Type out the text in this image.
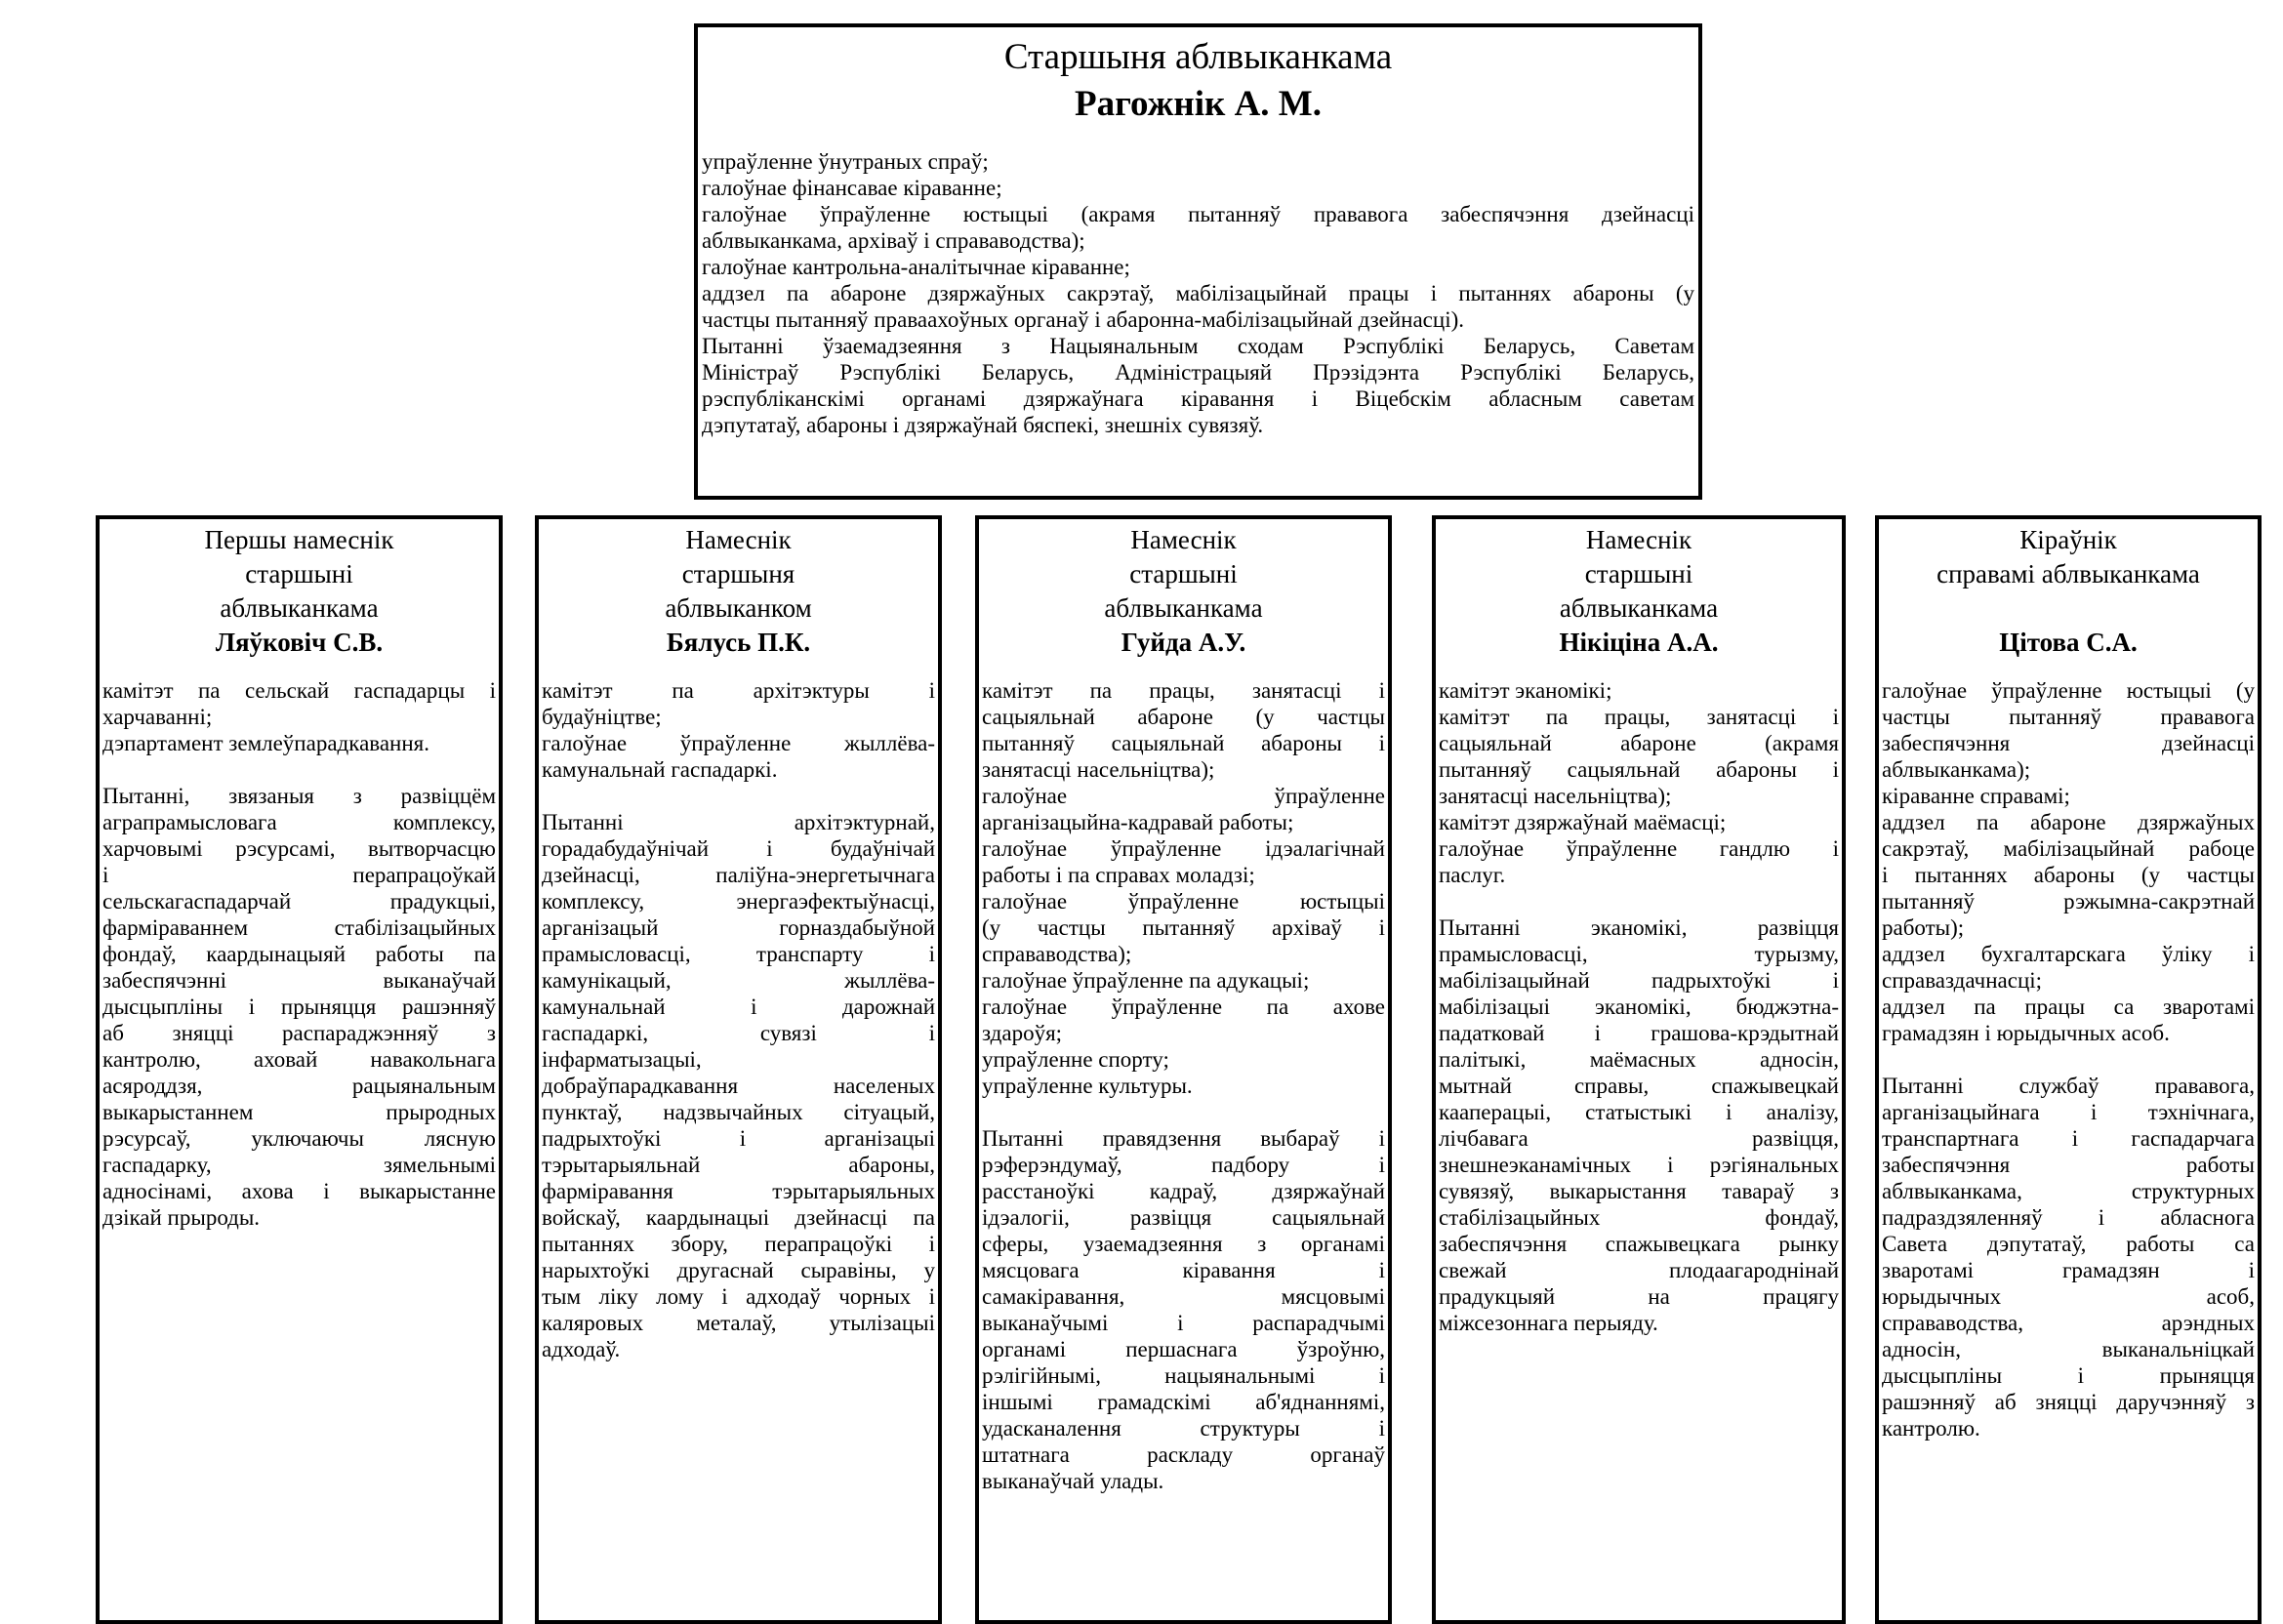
Старшыня аблвыканкама
Рагожнік А. М.
упраўленне ўнутраных спраў;
галоўнае фінансавае кіраванне;
галоўнае ўпраўленне юстыцыі (акрамя пытанняў прававога забеспячэння дзейнасці
аблвыканкама, архіваў і справаводства);
галоўнае кантрольна-аналітычнае кіраванне;
аддзел па абароне дзяржаўных сакрэтаў, мабілізацыйнай працы і пытаннях абароны (у
частцы пытанняў праваахоўных органаў і абаронна-мабілізацыйнай дзейнасці).
Пытанні ўзаемадзеяння з Нацыянальным сходам Рэспублікі Беларусь, Саветам
Міністраў Рэспублікі Беларусь, Адміністрацыяй Прэзідэнта Рэспублікі Беларусь,
рэспубліканскімі органамі дзяржаўнага кіравання і Віцебскім абласным саветам
дэпутатаў, абароны і дзяржаўнай бяспекі, знешніх сувязяў.
Першы намеснік
старшыні
аблвыканкама
Ляўковіч С.В.
камітэт па сельскай гаспадарцы і
харчаванні;
дэпартамент землеўпарадкавання.
Пытанні, звязаныя з развіццём
аграпрамысловага комплексу,
харчовымі рэсурсамі, вытворчасцю
і перапрацоўкай
сельскагаспадарчай прадукцыі,
фарміраваннем стабілізацыйных
фондаў, каардынацыяй работы па
забеспячэнні выканаўчай
дысцыпліны і прыняцця рашэнняў
аб зняцці распараджэнняў з
кантролю, аховай навакольнага
асяроддзя, рацыянальным
выкарыстаннем прыродных
рэсурсаў, уключаючы лясную
гаспадарку, зямельнымі
адносінамі, ахова і выкарыстанне
дзікай прыроды.
Намеснік
старшыня
аблвыканком
Бялусь П.К.
камітэт па архітэктуры і
будаўніцтве;
галоўнае ўпраўленне жыллёва-
камунальнай гаспадаркі.
Пытанні архітэктурнай,
горадабудаўнічай і будаўнічай
дзейнасці, паліўна-энергетычнага
комплексу, энергаэфектыўнасці,
арганізацый горназдабыўной
прамысловасці, транспарту і
камунікацый, жыллёва-
камунальнай і дарожнай
гаспадаркі, сувязі і
інфарматызацыі,
добраўпарадкавання населеных
пунктаў, надзвычайных сітуацый,
падрыхтоўкі і арганізацыі
тэрытарыяльнай абароны,
фарміравання тэрытарыяльных
войскаў, каардынацыі дзейнасці па
пытаннях збору, перапрацоўкі і
нарыхтоўкі другаснай сыравіны, у
тым ліку лому і адходаў чорных і
каляровых металаў, утылізацыі
адходаў.
Намеснік
старшыні
аблвыканкама
Гуйда А.У.
камітэт па працы, занятасці і
сацыяльнай абароне (у частцы
пытанняў сацыяльнай абароны і
занятасці насельніцтва);
галоўнае ўпраўленне
арганізацыйна-кадравай работы;
галоўнае ўпраўленне ідэалагічнай
работы і па справах моладзі;
галоўнае ўпраўленне юстыцыі
(у частцы пытанняў архіваў і
справаводства);
галоўнае ўпраўленне па адукацыі;
галоўнае ўпраўленне па ахове
здароўя;
упраўленне спорту;
упраўленне культуры.
Пытанні правядзення выбараў і
рэферэндумаў, падбору і
расстаноўкі кадраў, дзяржаўнай
ідэалогіі, развіцця сацыяльнай
сферы, узаемадзеяння з органамі
мясцовага кіравання і
самакіравання, мясцовымі
выканаўчымі і распарадчымі
органамі першаснага ўзроўню,
рэлігійнымі, нацыянальнымі і
іншымі грамадскімі аб'яднаннямі,
удасканалення структуры і
штатнага раскладу органаў
выканаўчай улады.
Намеснік
старшыні
аблвыканкама
Нікіціна А.А.
камітэт эканомікі;
камітэт па працы, занятасці і
сацыяльнай абароне (акрамя
пытанняў сацыяльнай абароны і
занятасці насельніцтва);
камітэт дзяржаўнай маёмасці;
галоўнае ўпраўленне гандлю і
паслуг.
Пытанні эканомікі, развіцця
прамысловасці, турызму,
мабілізацыйнай падрыхтоўкі і
мабілізацыі эканомікі, бюджэтна-
падатковай і грашова-крэдытнай
палітыкі, маёмасных адносін,
мытнай справы, спажывецкай
кааперацыі, статыстыкі і аналізу,
лічбавага развіцця,
знешнеэканамічных і рэгіянальных
сувязяў, выкарыстання тавараў з
стабілізацыйных фондаў,
забеспячэння спажывецкага рынку
свежай плодаагароднінай
прадукцыяй на працягу
міжсезоннага перыяду.
Кіраўнік
справамі аблвыканкама
Цітова С.А.
галоўнае ўпраўленне юстыцыі (у
частцы пытанняў прававога
забеспячэння дзейнасці
аблвыканкама);
кіраванне справамі;
аддзел па абароне дзяржаўных
сакрэтаў, мабілізацыйнай рабоце
і пытаннях абароны (у частцы
пытанняў рэжымна-сакрэтнай
работы);
аддзел бухгалтарскага ўліку і
справаздачнасці;
аддзел па працы са зваротамі
грамадзян і юрыдычных асоб.
Пытанні службаў прававога,
арганізацыйнага і тэхнічнага,
транспартнага і гаспадарчага
забеспячэння работы
аблвыканкама, структурных
падраздзяленняў і абласнога
Савета дэпутатаў, работы са
зваротамі грамадзян і
юрыдычных асоб,
справаводства, арэндных
адносін, выканальніцкай
дысцыпліны і прыняцця
рашэнняў аб зняцці даручэнняў з
кантролю.
